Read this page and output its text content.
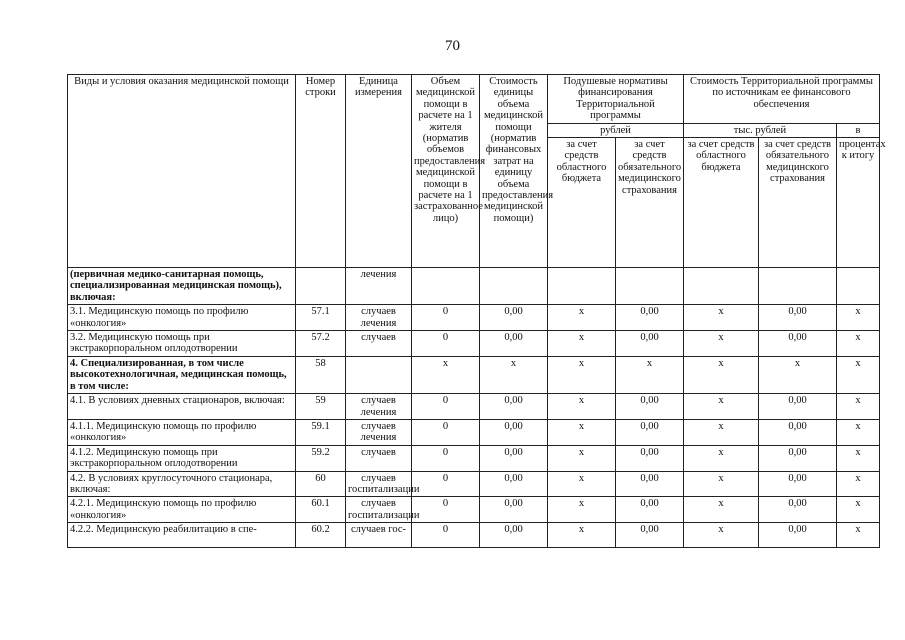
70
Виды и условия оказания медицинской помощи	Номер строки	Единица измерения	Объем медицинской помощи в расчете на 1 жителя (норматив объемов предоставления медицинской помощи в расчете на 1 застрахованное лицо)	Стоимость единицы объема медицинской помощи (норматив финансовых затрат на единицу объема предоставления медицинской помощи)	Подушевые нормативы финансирования Территориальной программы		Стоимость Территориальной программы по источникам ее финансового обеспечения		
					рублей		тыс. рублей		в
					за счет средств областного бюджета	за счет средств обязательного медицинского страхования	за счет средств областного бюджета	за счет средств обязательного медицинского страхования	процентах к итогу
(первичная медико-санитарная помощь, специализированная медицинская помощь), включая:		лечения							
3.1. Медицинскую помощь по профилю «онкология»	57.1	случаев лечения	0	0,00	х	0,00	х	0,00	х
3.2. Медицинскую помощь при экстракорпоральном оплодотворении	57.2	случаев	0	0,00	х	0,00	х	0,00	х
4. Специализированная, в том числе высокотехнологичная, медицинская помощь, в том числе:	58		х	х	х	х	х	х	х
4.1. В условиях дневных стационаров, включая:	59	случаев лечения	0	0,00	х	0,00	х	0,00	х
4.1.1. Медицинскую помощь по профилю «онкология»	59.1	случаев лечения	0	0,00	х	0,00	х	0,00	х
4.1.2. Медицинскую помощь при экстракорпоральном оплодотворении	59.2	случаев	0	0,00	х	0,00	х	0,00	х
4.2. В условиях круглосуточного стационара, включая:	60	случаев госпитализации	0	0,00	х	0,00	х	0,00	х
4.2.1. Медицинскую помощь по профилю «онкология»	60.1	случаев госпитализации	0	0,00	х	0,00	х	0,00	х
4.2.2. Медицинскую реабилитацию в спе-	60.2	случаев гос-	0	0,00	х	0,00	х	0,00	х
